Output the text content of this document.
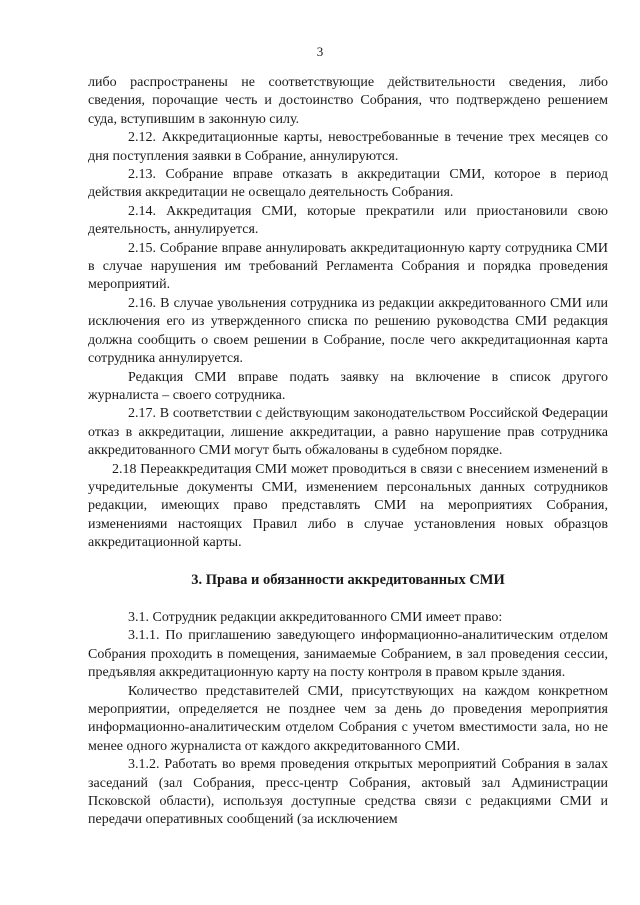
3

либо распространены не соответствующие действительности сведения, либо сведения, порочащие честь и достоинство Собрания, что подтверждено решением суда, вступившим в законную силу.

2.12. Аккредитационные карты, невостребованные в течение трех месяцев со дня поступления заявки в Собрание, аннулируются.

2.13. Собрание вправе отказать в аккредитации СМИ, которое в период действия аккредитации не освещало деятельность Собрания.

2.14. Аккредитация СМИ, которые прекратили или приостановили свою деятельность, аннулируется.

2.15. Собрание вправе аннулировать аккредитационную карту сотрудника СМИ в случае нарушения им требований Регламента Собрания и порядка проведения мероприятий.

2.16. В случае увольнения сотрудника из редакции аккредитованного СМИ или исключения его из утвержденного списка по решению руководства СМИ редакция должна сообщить о своем решении в Собрание, после чего аккредитационная карта сотрудника аннулируется.

Редакция СМИ вправе подать заявку на включение в список другого журналиста – своего сотрудника.

2.17. В соответствии с действующим законодательством Российской Федерации отказ в аккредитации, лишение аккредитации, а равно нарушение прав сотрудника аккредитованного СМИ могут быть обжалованы в судебном порядке.

2.18 Переаккредитация СМИ может проводиться в связи с внесением изменений в учредительные документы СМИ, изменением персональных данных сотрудников редакции, имеющих право представлять СМИ на мероприятиях Собрания, изменениями настоящих Правил либо в случае установления новых образцов аккредитационной карты.

3. Права и обязанности аккредитованных СМИ

3.1. Сотрудник редакции аккредитованного СМИ имеет право:

3.1.1. По приглашению заведующего информационно-аналитическим отделом Собрания проходить в помещения, занимаемые Собранием, в зал проведения сессии, предъявляя аккредитационную карту на посту контроля в правом крыле здания.

Количество представителей СМИ, присутствующих на каждом конкретном мероприятии, определяется не позднее чем за день до проведения мероприятия информационно-аналитическим отделом Собрания с учетом вместимости зала, но не менее одного журналиста от каждого аккредитованного СМИ.

3.1.2. Работать во время проведения открытых мероприятий Собрания в залах заседаний (зал Собрания, пресс-центр Собрания, актовый зал Администрации Псковской области), используя доступные средства связи с редакциями СМИ и передачи оперативных сообщений (за исключением
